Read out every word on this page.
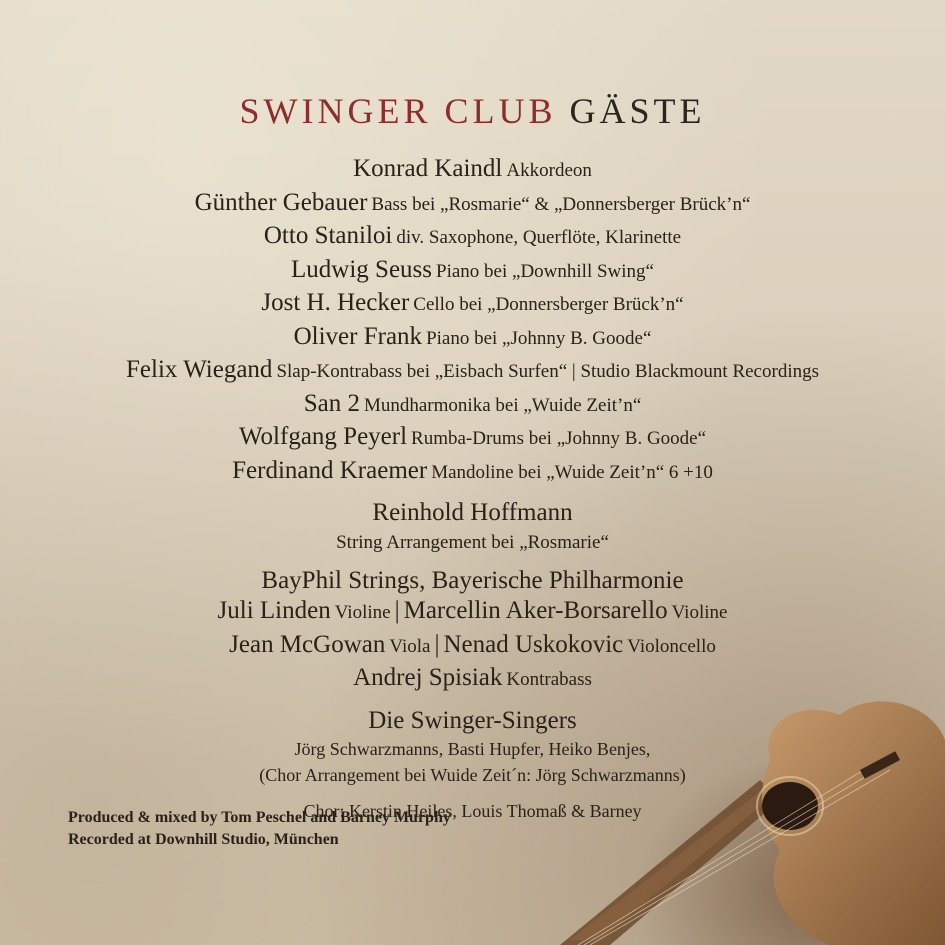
SWINGER CLUB GÄSTE
Konrad Kaindl Akkordeon
Günther Gebauer Bass bei „Rosmarie“ & „Donnersberger Brück’n“
Otto Staniloi div. Saxophone, Querflöte, Klarinette
Ludwig Seuss Piano bei „Downhill Swing“
Jost H. Hecker Cello bei „Donnersberger Brück’n“
Oliver Frank Piano bei „Johnny B. Goode“
Felix Wiegand Slap-Kontrabass bei „Eisbach Surfen“ | Studio Blackmount Recordings
San 2 Mundharmonika bei „Wuide Zeit’n“
Wolfgang Peyerl Rumba-Drums bei „Johnny B. Goode“
Ferdinand Kraemer Mandoline bei „Wuide Zeit’n“ 6 +10
Reinhold Hoffmann
String Arrangement bei „Rosmarie“
BayPhil Strings, Bayerische Philharmonie
Juli Linden Violine | Marcellin Aker-Borsarello Violine
Jean McGowan Viola | Nenad Uskokovic Violoncello
Andrej Spisiak Kontrabass
Die Swinger-Singers
Jörg Schwarzmanns, Basti Hupfer, Heiko Benjes,
(Chor Arrangement bei Wuide Zeit´n: Jörg Schwarzmanns)
Chor: Kerstin Heiles, Louis Thomaß & Barney
Produced & mixed by Tom Peschel and Barney Murphy
Recorded at Downhill Studio, München
